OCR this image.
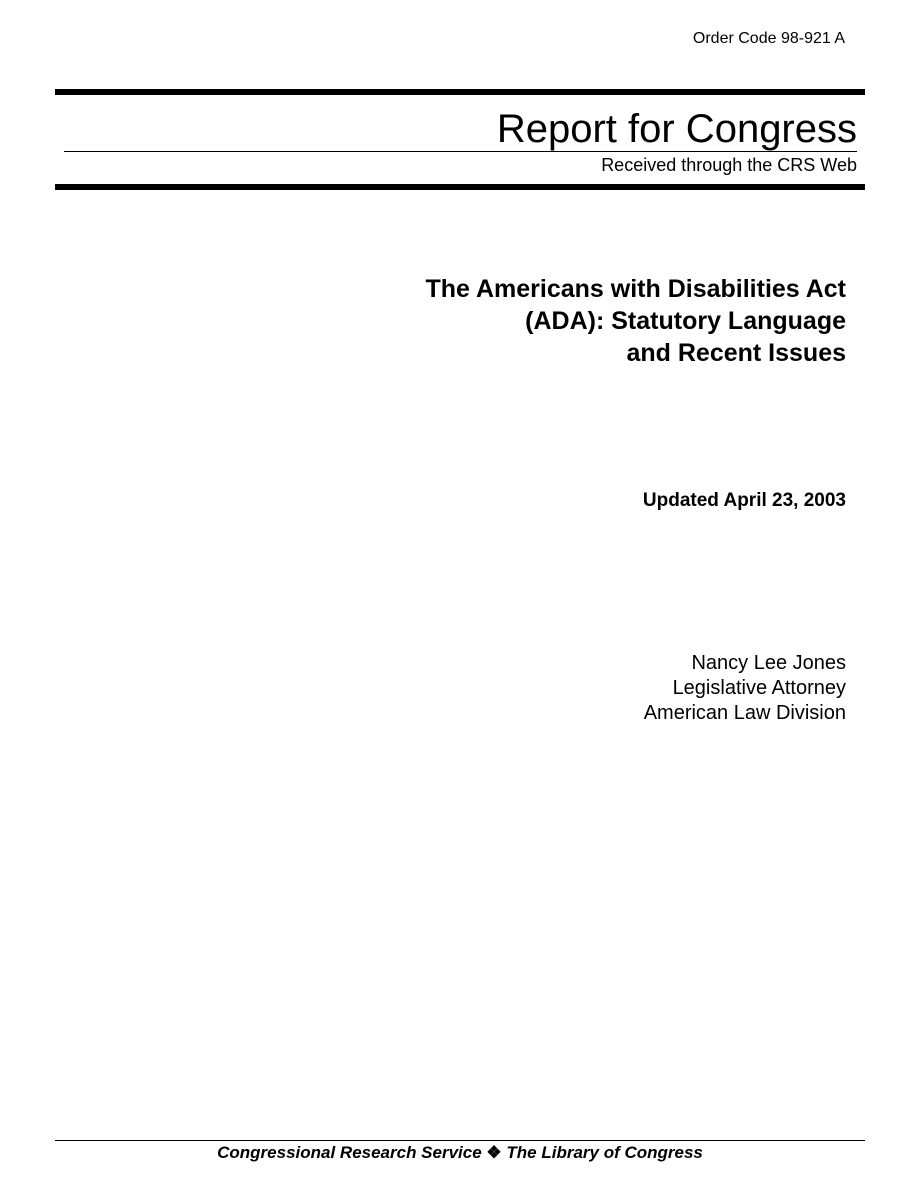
Order Code 98-921 A
Report for Congress
Received through the CRS Web
The Americans with Disabilities Act
(ADA): Statutory Language
and Recent Issues
Updated April 23, 2003
Nancy Lee Jones
Legislative Attorney
American Law Division
Congressional Research Service ❖ The Library of Congress
